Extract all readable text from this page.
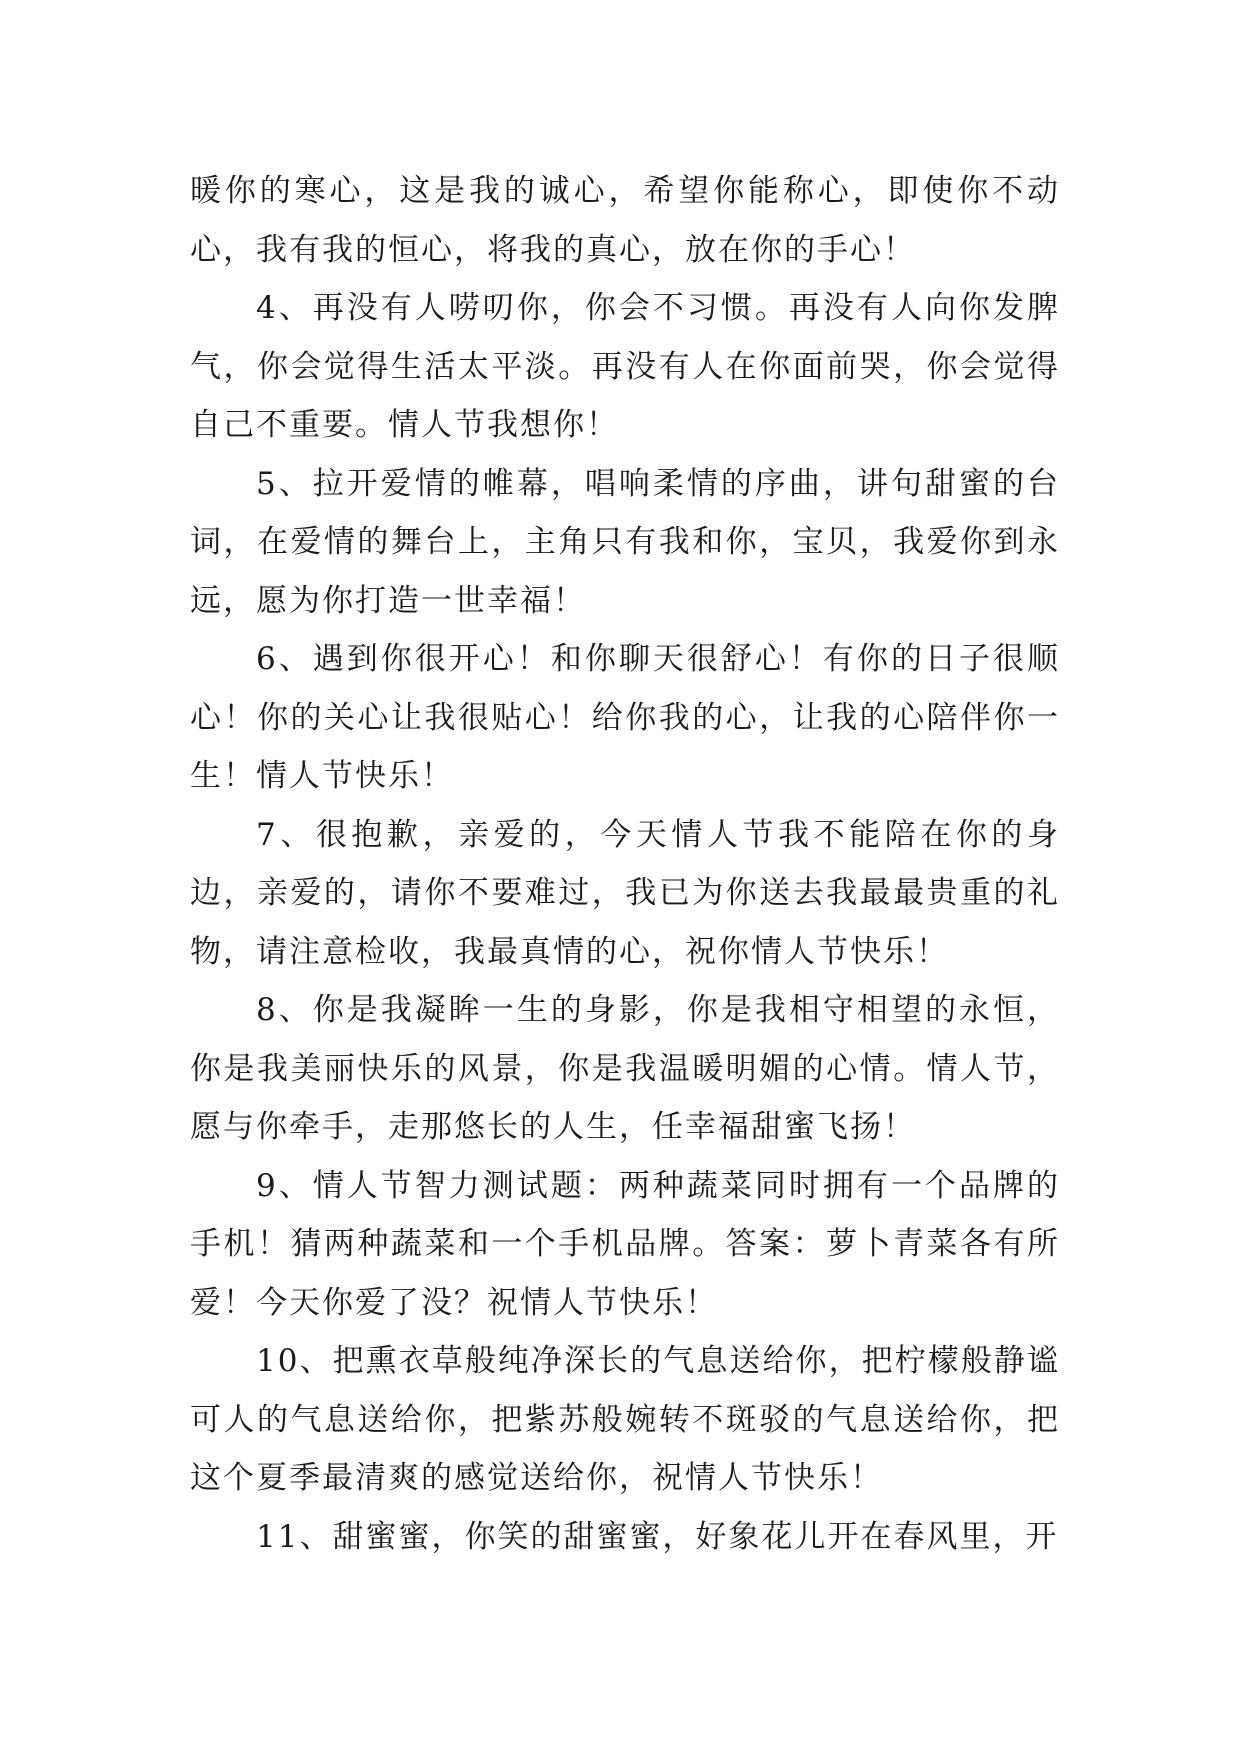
暖你的寒心，这是我的诚心，希望你能称心，即使你不动心，我有我的恒心，将我的真心，放在你的手心！

4、再没有人唠叨你，你会不习惯。再没有人向你发脾气，你会觉得生活太平淡。再没有人在你面前哭，你会觉得自己不重要。情人节我想你！

5、拉开爱情的帷幕，唱响柔情的序曲，讲句甜蜜的台词，在爱情的舞台上，主角只有我和你，宝贝，我爱你到永远，愿为你打造一世幸福！

6、遇到你很开心！和你聊天很舒心！有你的日子很顺心！你的关心让我很贴心！给你我的心，让我的心陪伴你一生！情人节快乐！

7、很抱歉，亲爱的，今天情人节我不能陪在你的身边，亲爱的，请你不要难过，我已为你送去我最最贵重的礼物，请注意检收，我最真情的心，祝你情人节快乐！

8、你是我凝眸一生的身影，你是我相守相望的永恒，你是我美丽快乐的风景，你是我温暖明媚的心情。情人节，愿与你牵手，走那悠长的人生，任幸福甜蜜飞扬！

9、情人节智力测试题：两种蔬菜同时拥有一个品牌的手机！猜两种蔬菜和一个手机品牌。答案：萝卜青菜各有所爱！今天你爱了没？祝情人节快乐！

10、把熏衣草般纯净深长的气息送给你，把柠檬般静谧可人的气息送给你，把紫苏般婉转不斑驳的气息送给你，把这个夏季最清爽的感觉送给你，祝情人节快乐！

11、甜蜜蜜，你笑的甜蜜蜜，好象花儿开在春风里，开
